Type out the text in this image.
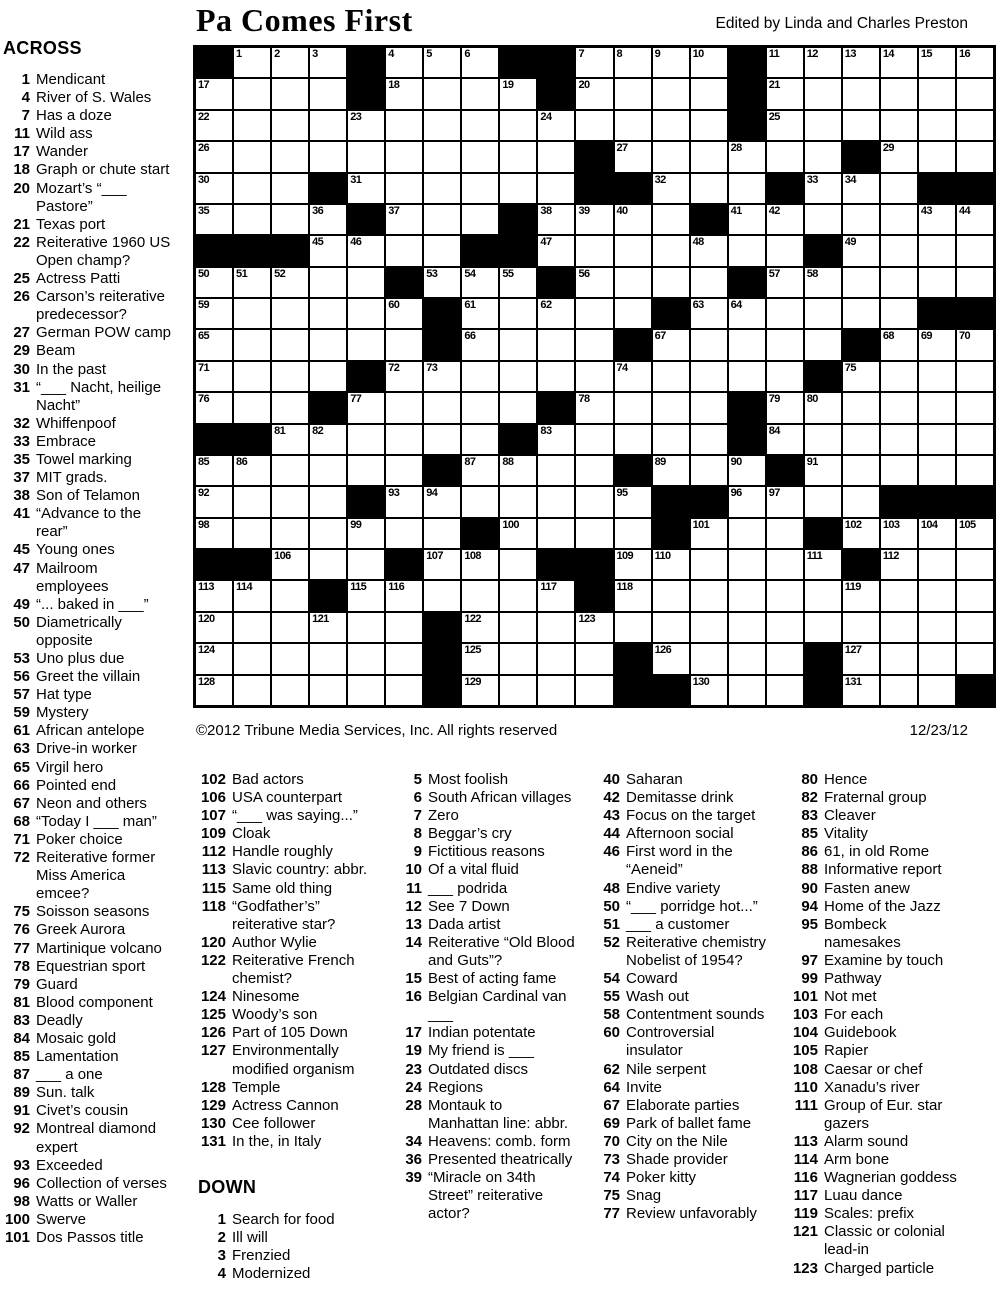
Pa Comes First	Edited by Linda and Charles Preston
ACROSS
1 Mendicant
4 River of S. Wales
7 Has a doze
11 Wild ass
17 Wander
18 Graph or chute start
20 Mozart’s “___ Pastore”
21 Texas port
22 Reiterative 1960 US Open champ?
25 Actress Patti
26 Carson’s reiterative predecessor?
27 German POW camp
29 Beam
30 In the past
31 “___ Nacht, heilige Nacht”
32 Whiffenpoof
33 Embrace
35 Towel marking
37 MIT grads.
38 Son of Telamon
41 “Advance to the rear”
45 Young ones
47 Mailroom employees
49 “... baked in ___”
50 Diametrically opposite
53 Uno plus due
56 Greet the villain
57 Hat type
59 Mystery
61 African antelope
63 Drive-in worker
65 Virgil hero
66 Pointed end
67 Neon and others
68 “Today I ___ man”
71 Poker choice
72 Reiterative former Miss America emcee?
75 Soisson seasons
76 Greek Aurora
77 Martinique volcano
78 Equestrian sport
79 Guard
81 Blood component
83 Deadly
84 Mosaic gold
85 Lamentation
87 ___ a one
89 Sun. talk
91 Civet’s cousin
92 Montreal diamond expert
93 Exceeded
96 Collection of verses
98 Watts or Waller
100 Swerve
101 Dos Passos title
1	2	3	4	5	6	7	8	9	10	11	12 13 14 15 16
17	18	19	20	21
22	23	24	25
26	27	28	29
30	31	32	33 34
35	36	37	38 39 40	41 42	43 44
45 46	47	48	49
50 51 52	53 54 55	56	57 58
59	60	61	62	63 64
65	66	67	68 69 70
71	72 73	74	75
76	77	78	79 80
81 82	83	84
85 86	87 88	89	90	91
92	93 94	95	96 97
98	99	100	101	102 103 104 105
106	107 108	109 110	111	112
113 114	115 116	117	118	119
120	121	122	123
124	125	126	127
128	129	130	131
©2012 Tribune Media Services, Inc. All rights reserved	12/23/12
102 Bad actors
106 USA counterpart
107 “___ was saying...”
109 Cloak
112 Handle roughly
113 Slavic country: abbr.
115 Same old thing
118 “Godfather’s” reiterative star?
120 Author Wylie
122 Reiterative French chemist?
124 Ninesome
125 Woody’s son
126 Part of 105 Down
127 Environmentally modified organism
128 Temple
129 Actress Cannon
130 Cee follower
131 In the, in Italy
DOWN
1 Search for food
2 Ill will
3 Frenzied
4 Modernized
5 Most foolish
6 South African villages
7 Zero
8 Beggar’s cry
9 Fictitious reasons
10 Of a vital fluid
11 ___ podrida
12 See 7 Down
13 Dada artist
14 Reiterative “Old Blood and Guts”?
15 Best of acting fame
16 Belgian Cardinal van ___
17 Indian potentate
19 My friend is ___
23 Outdated discs
24 Regions
28 Montauk to Manhattan line: abbr.
34 Heavens: comb. form
36 Presented theatrically
39 “Miracle on 34th Street” reiterative actor?
40 Saharan
42 Demitasse drink
43 Focus on the target
44 Afternoon social
46 First word in the “Aeneid”
48 Endive variety
50 “___ porridge hot...”
51 ___ a customer
52 Reiterative chemistry Nobelist of 1954?
54 Coward
55 Wash out
58 Contentment sounds
60 Controversial insulator
62 Nile serpent
64 Invite
67 Elaborate parties
69 Park of ballet fame
70 City on the Nile
73 Shade provider
74 Poker kitty
75 Snag
77 Review unfavorably
80 Hence
82 Fraternal group
83 Cleaver
85 Vitality
86 61, in old Rome
88 Informative report
90 Fasten anew
94 Home of the Jazz
95 Bombeck namesakes
97 Examine by touch
99 Pathway
101 Not met
103 For each
104 Guidebook
105 Rapier
108 Caesar or chef
110 Xanadu’s river
111 Group of Eur. star gazers
113 Alarm sound
114 Arm bone
116 Wagnerian goddess
117 Luau dance
119 Scales: prefix
121 Classic or colonial lead-in
123 Charged particle
